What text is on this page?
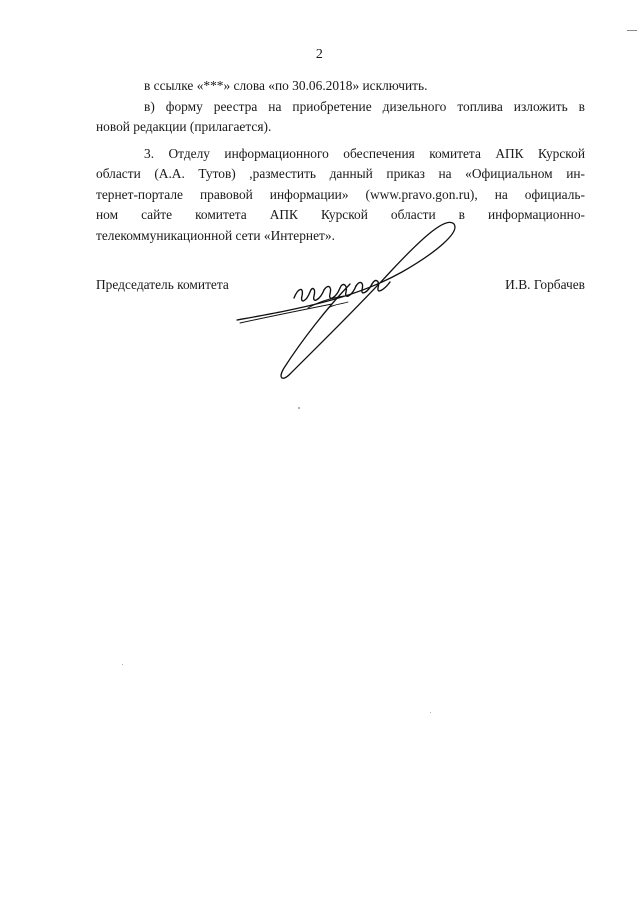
2

в ссылке «***» слова «по 30.06.2018» исключить.

в) форму реестра на приобретение дизельного топлива изложить в

новой редакции (прилагается).

3. Отделу информационного обеспечения комитета АПК Курской

области (А.А. Тутов) ,разместить данный приказ на «Официальном ин-

тернет-портале правовой информации» (www.pravo.gon.ru), на официаль-

ном сайте комитета АПК Курской области в информационно-

телекоммуникационной сети «Интернет».

Председатель комитета	И.В. Горбачев
